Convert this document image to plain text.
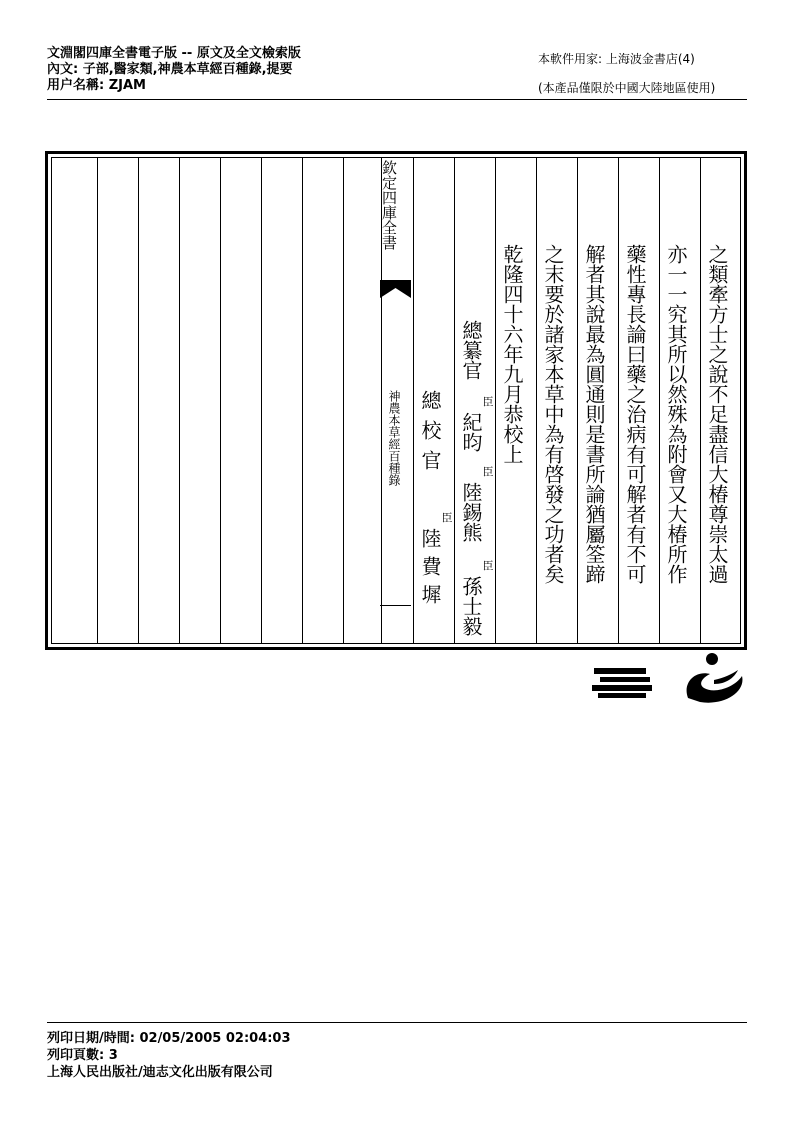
文淵閣四庫全書電子版 -- 原文及全文檢索版
內文: 子部,醫家類,神農本草經百種錄,提要
用户名稱: ZJAM
本軟件用家: 上海波金書店(4)
(本產品僅限於中國大陸地區使用)
欽定四庫全書
神農本草經百種錄	之類牽方士之說不足盡信大椿尊崇太過
亦一一究其所以然殊為附會又大椿所作
藥性專長論曰藥之治病有可解者有不可
解者其說最為圓通則是書所論猶屬筌蹄
之末要於諸家本草中為有啓發之功者矣
乾隆四十六年九月恭校上
總纂官
臣
紀昀
臣
陸錫熊
臣
孫士毅
總校官
臣
陸費墀
列印日期/時間: 02/05/2005 02:04:03
列印頁數: 3
上海人民出版社/迪志文化出版有限公司
